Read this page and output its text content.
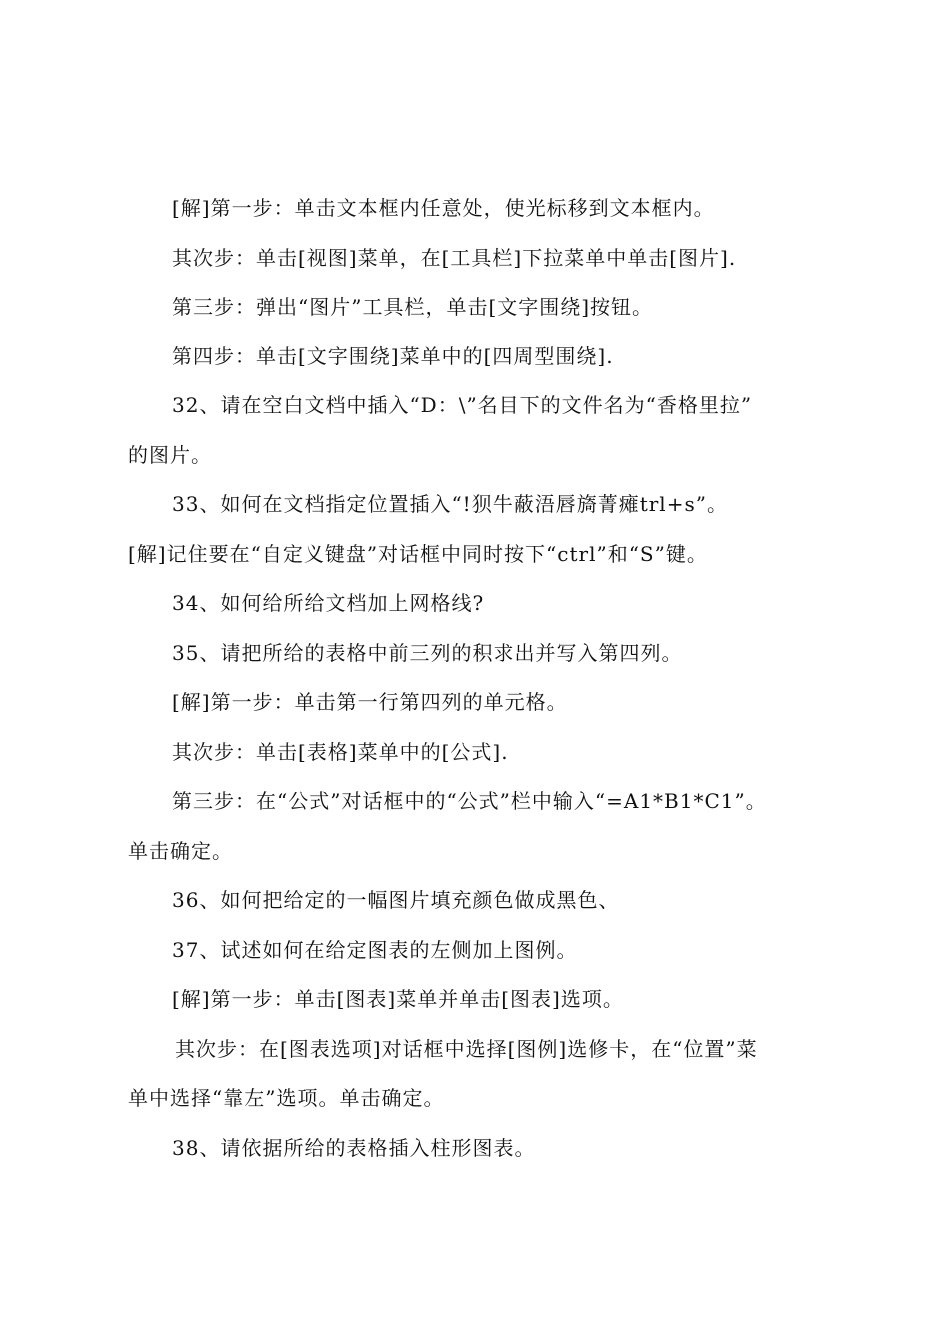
[解]第一步：单击文本框内任意处，使光标移到文本框内。
其次步：单击[视图]菜单，在[工具栏]下拉菜单中单击[图片].
第三步：弹出“图片”工具栏，单击[文字围绕]按钮。
第四步：单击[文字围绕]菜单中的[四周型围绕].
32、请在空白文档中插入“D：\”名目下的文件名为“香格里拉”
的图片。
33、如何在文档指定位置插入“!狈牛蔽浯唇旖菁瘫trl+s”。
[解]记住要在“自定义键盘”对话框中同时按下“ctrl”和“S”键。
34、如何给所给文档加上网格线?
35、请把所给的表格中前三列的积求出并写入第四列。
[解]第一步：单击第一行第四列的单元格。
其次步：单击[表格]菜单中的[公式].
第三步：在“公式”对话框中的“公式”栏中输入“=A1*B1*C1”。
单击确定。
36、如何把给定的一幅图片填充颜色做成黑色、
37、试述如何在给定图表的左侧加上图例。
[解]第一步：单击[图表]菜单并单击[图表]选项。
其次步：在[图表选项]对话框中选择[图例]选修卡，在“位置”菜
单中选择“靠左”选项。单击确定。
38、请依据所给的表格插入柱形图表。
